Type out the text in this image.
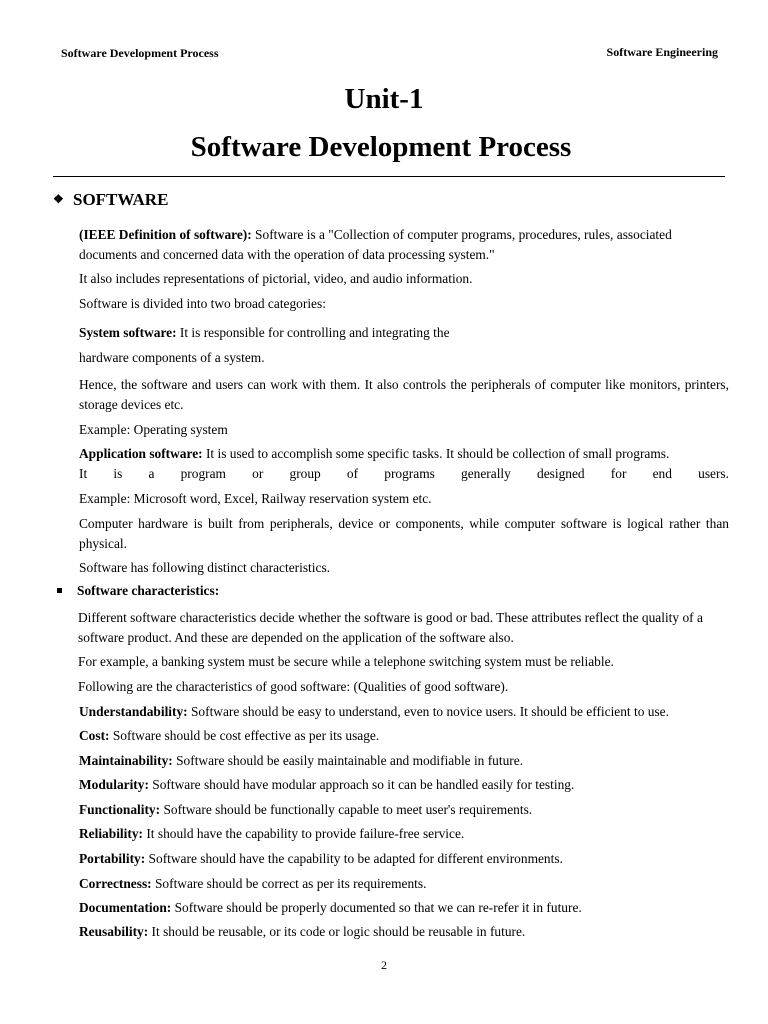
Software Development Process	Software Engineering
Unit-1
Software Development Process
❖ SOFTWARE
(IEEE Definition of software): Software is a "Collection of computer programs, procedures, rules, associated
documents and concerned data with the operation of data processing system."
It also includes representations of pictorial, video, and audio information.
Software is divided into two broad categories:
System software: It is responsible for controlling and integrating the
hardware components of a system.
Hence, the software and users can work with them. It also controls the peripherals of computer like monitors, printers, storage devices etc.
Example: Operating system
Application software: It is used to accomplish some specific tasks. It should be collection of small programs.
It is a program or group of programs generally designed for end users.
Example: Microsoft word, Excel, Railway reservation system etc.
Computer hardware is built from peripherals, device or components, while computer software is logical rather than physical.
Software has following distinct characteristics.
Software characteristics:
Different software characteristics decide whether the software is good or bad. These attributes reflect the quality of a software product. And these are depended on the application of the software also.
For example, a banking system must be secure while a telephone switching system must be reliable.
Following are the characteristics of good software: (Qualities of good software).
Understandability: Software should be easy to understand, even to novice users. It should be efficient to use.
Cost: Software should be cost effective as per its usage.
Maintainability: Software should be easily maintainable and modifiable in future.
Modularity: Software should have modular approach so it can be handled easily for testing.
Functionality: Software should be functionally capable to meet user's requirements.
Reliability: It should have the capability to provide failure-free service.
Portability: Software should have the capability to be adapted for different environments.
Correctness: Software should be correct as per its requirements.
Documentation: Software should be properly documented so that we can re-refer it in future.
Reusability: It should be reusable, or its code or logic should be reusable in future.
2
